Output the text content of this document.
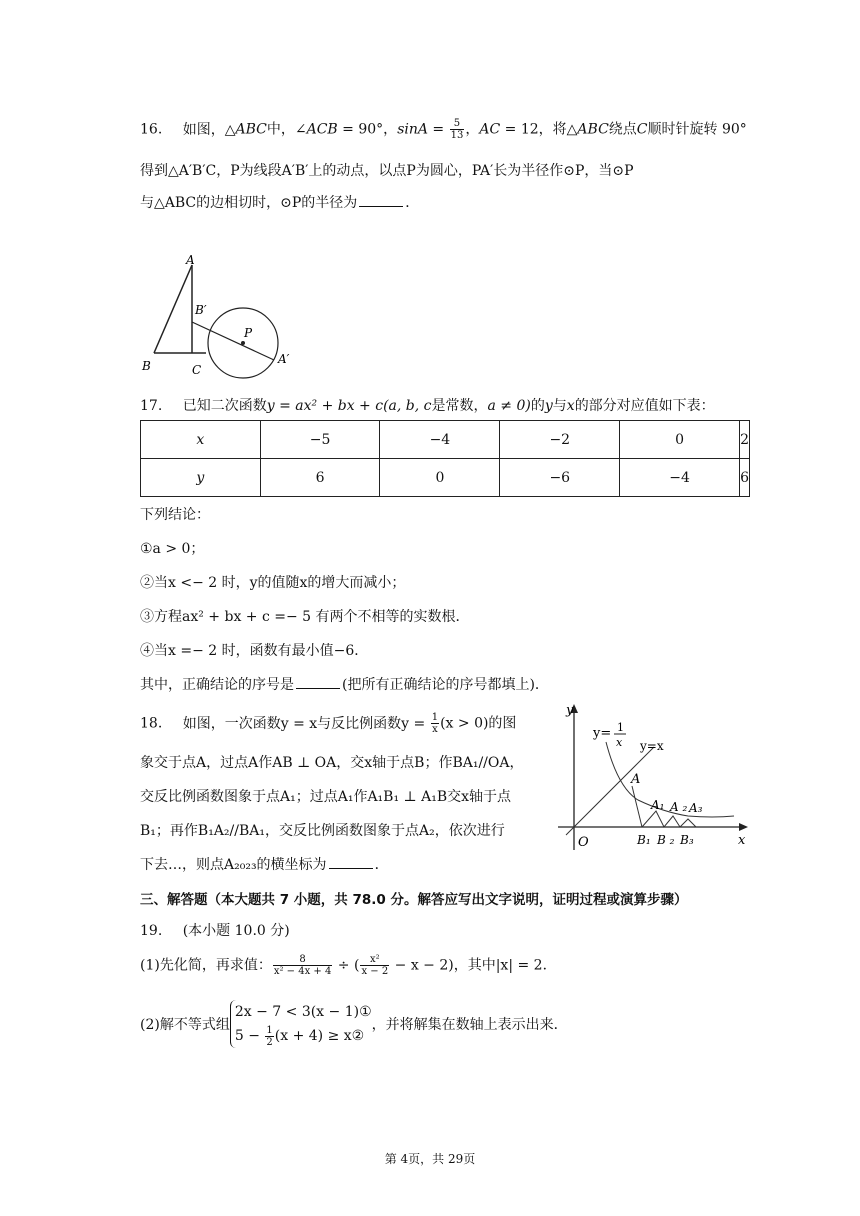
16. 如图，△ABC中，∠ACB = 90°，$\sin A = \frac{5}{13}$ ，AC = 12，将△ABC绕点C顺时针旋转 90°
得到△A′B′C，P为线段A′B′上的动点，以点P为圆心，PA′长为半径作⊙P，当⊙P
与△ABC的边相切时，⊙P的半径为	．
A
B′
P
B	C
A′
17. 已知二次函数y = ax² + bx + c(a, b, c是常数，a ≠ 0)的y与x的部分对应值如下表：
x	−5	−4	−2	0	2
y	6	0	−6	−4	6
下列结论：
①a > 0；
②当x <− 2 时，y的值随x的增大而减小；
③方程ax² + bx + c =− 5 有两个不相等的实数根．
④当x =− 2 时，函数有最小值−6．
其中，正确结论的序号是	(把所有正确结论的序号都填上)．
18. 如图，一次函数y = x与反比例函数$y = \frac{1}{x} (x > 0)$的图
象交于点A，过点A作AB ⊥ OA，交x轴于点B；作BA₁//OA，
交反比例函数图象于点A₁；过点A₁作A₁B₁ ⊥ A₁B交x轴于点
B₁；再作B₁A₂//BA₁，交反比例函数图象于点A₂，依次进行
下去…，则点A₂₀₂₃的横坐标为	．
y= 1
x y=x
y
x
O
A
A₁ A ₂ A₃
B₁ B ₂ B₃
三、解答题（本大题共 7 小题，共 78.0 分。解答应写出文字说明，证明过程或演算步骤）
19. (本小题 10.0 分)
(1)先化简，再求值： $\frac{8}{\text{x² − 4x + 4}}$ ÷ ( $\frac{\text{x²}}{x - 2} - x - 2$)，其中|x| = 2．
(2)解不等式组
2x − 7 < 3(x − 1)①
$5 - \frac{1}{2} (x + 4)$ ≥ x②
，并将解集在数轴上表示出来．
第 4页，共 29页
